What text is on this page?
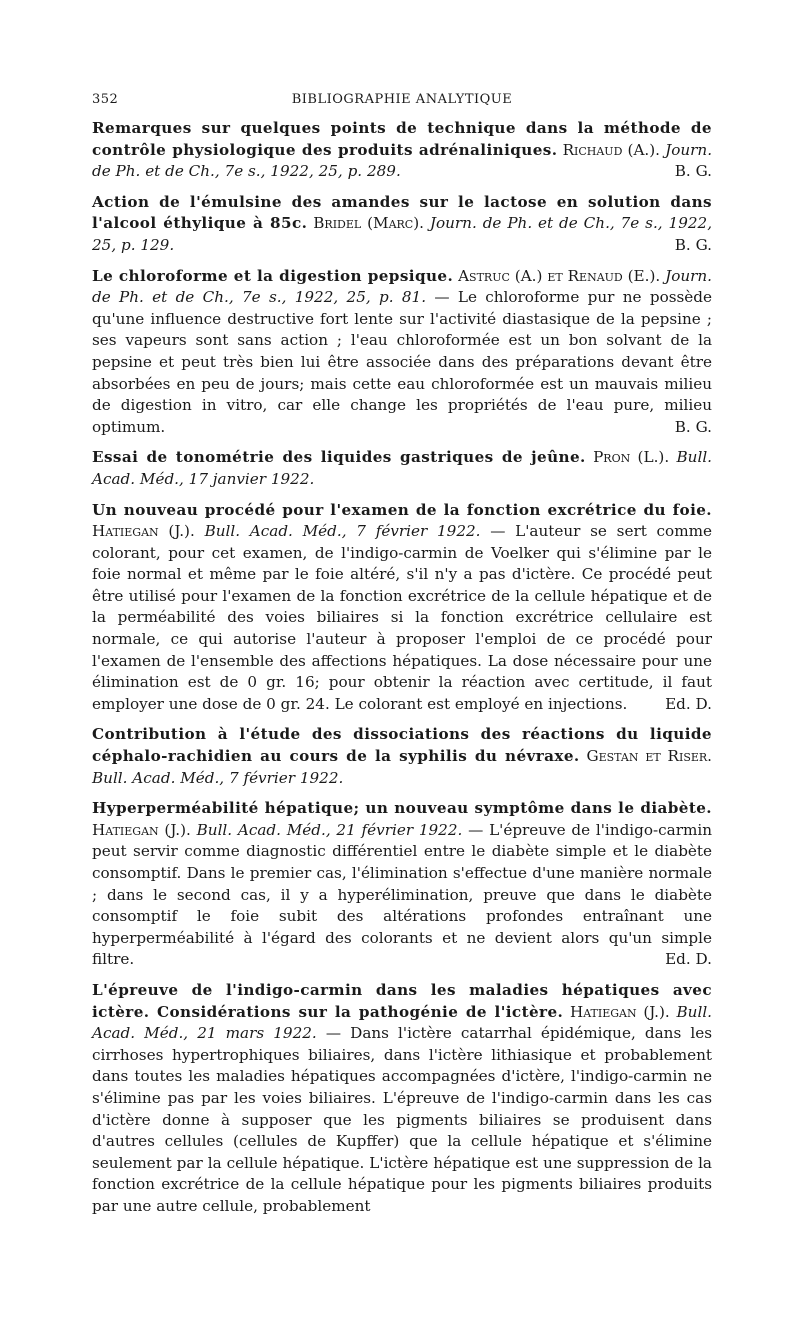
352	BIBLIOGRAPHIE ANALYTIQUE
Remarques sur quelques points de technique dans la méthode de contrôle physiologique des produits adrénaliniques. Richaud (A.). Journ. de Ph. et de Ch., 7e s., 1922, 25, p. 289.	B. G.
Action de l'émulsine des amandes sur le lactose en solution dans l'alcool éthylique à 85c. Bridel (Marc). Journ. de Ph. et de Ch., 7e s., 1922, 25, p. 129.	B. G.
Le chloroforme et la digestion pepsique. Astruc (A.) et Renaud (E.). Journ. de Ph. et de Ch., 7e s., 1922, 25, p. 81. — Le chloroforme pur ne possède qu'une influence destructive fort lente sur l'activité diastasique de la pepsine ; ses vapeurs sont sans action ; l'eau chloroformée est un bon solvant de la pepsine et peut très bien lui être associée dans des préparations devant être absorbées en peu de jours; mais cette eau chloroformée est un mauvais milieu de digestion in vitro, car elle change les propriétés de l'eau pure, milieu optimum.	B. G.
Essai de tonométrie des liquides gastriques de jeûne. Pron (L.). Bull. Acad. Méd., 17 janvier 1922.
Un nouveau procédé pour l'examen de la fonction excrétrice du foie. Hatiegan (J.). Bull. Acad. Méd., 7 février 1922. — L'auteur se sert comme colorant, pour cet examen, de l'indigo-carmin de Voelker qui s'élimine par le foie normal et même par le foie altéré, s'il n'y a pas d'ictère. Ce procédé peut être utilisé pour l'examen de la fonction excrétrice de la cellule hépatique et de la perméabilité des voies biliaires si la fonction excrétrice cellulaire est normale, ce qui autorise l'auteur à proposer l'emploi de ce procédé pour l'examen de l'ensemble des affections hépatiques. La dose nécessaire pour une élimination est de 0 gr. 16; pour obtenir la réaction avec certitude, il faut employer une dose de 0 gr. 24. Le colorant est employé en injections. Ed. D.
Contribution à l'étude des dissociations des réactions du liquide céphalo-rachidien au cours de la syphilis du névraxe. Gestan et Riser. Bull. Acad. Méd., 7 février 1922.
Hyperperméabilité hépatique; un nouveau symptôme dans le diabète. Hatiegan (J.). Bull. Acad. Méd., 21 février 1922. — L'épreuve de l'indigo-carmin peut servir comme diagnostic différentiel entre le diabète simple et le diabète consomptif. Dans le premier cas, l'élimination s'effectue d'une manière normale ; dans le second cas, il y a hyperélimination, preuve que dans le diabète consomptif le foie subit des altérations profondes entraînant une hyperperméabilité à l'égard des colorants et ne devient alors qu'un simple filtre.	Ed. D.
L'épreuve de l'indigo-carmin dans les maladies hépatiques avec ictère. Considérations sur la pathogénie de l'ictère. Hatiegan (J.). Bull. Acad. Méd., 21 mars 1922. — Dans l'ictère catarrhal épidémique, dans les cirrhoses hypertrophiques biliaires, dans l'ictère lithiasique et probablement dans toutes les maladies hépatiques accompagnées d'ictère, l'indigo-carmin ne s'élimine pas par les voies biliaires. L'épreuve de l'indigo-carmin dans les cas d'ictère donne à supposer que les pigments biliaires se produisent dans d'autres cellules (cellules de Kupffer) que la cellule hépatique et s'élimine seulement par la cellule hépatique. L'ictère hépatique est une suppression de la fonction excrétrice de la cellule hépatique pour les pigments biliaires produits par une autre cellule, probablement
